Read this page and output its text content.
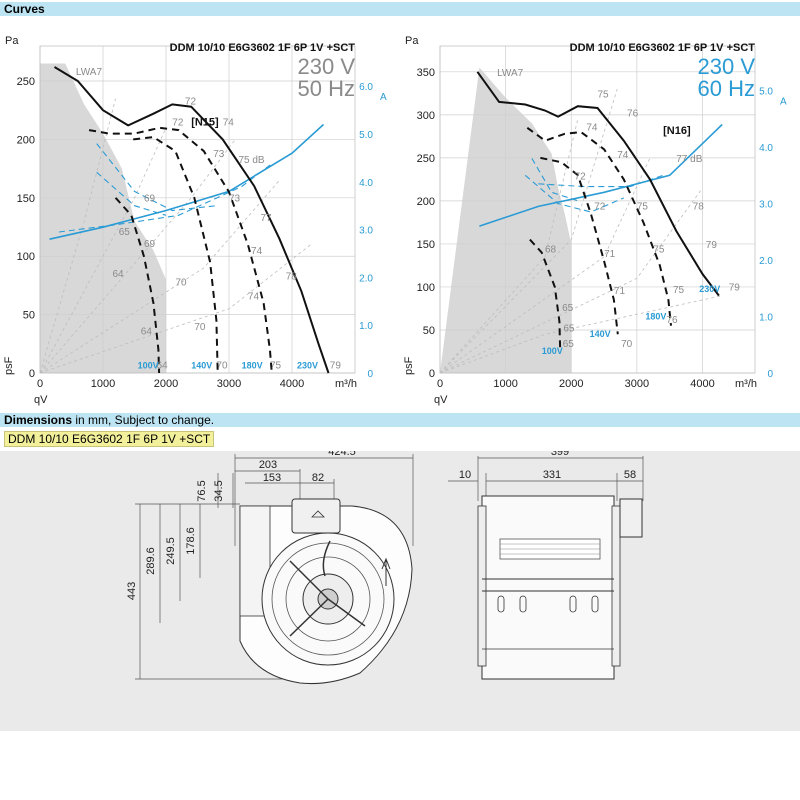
Curves
0	1000	2000	3000	4000
0
50
100
150
200
250
0
1.0
2.0
3.0
4.0
5.0
6.0
A
Pa
m³/h
psF
qV
DDM 10/10 E6G3602 1F 6P 1V +SCT
230 V
50 Hz
[N15]
LWA7
72
74
72
73
75 dB
69	73
65
69
77
64
70
74
78
74
64	70
64	70	75	79
100V	140V	180V	230V
0	1000	2000	3000	4000
0
50
100
150
200
250
300
350
0
1.0
2.0
3.0
4.0
5.0
A
Pa
m³/h
psF
qV
DDM 10/10 E6G3602 1F 6P 1V +SCT
230 V
60 Hz
[N16]
LWA7
75
76
74
74	77 dB
72
72	75	78
68	71	75	79
71
65
65
76
65	70
75	79
100V
140V
180V
230V
Dimensions in mm, Subject to change.
DDM 10/10 E6G3602 1F 6P 1V +SCT
424.5
203
153	82
76.5 34.5
289.6 249.5 178.6
443
399
10	331	58
